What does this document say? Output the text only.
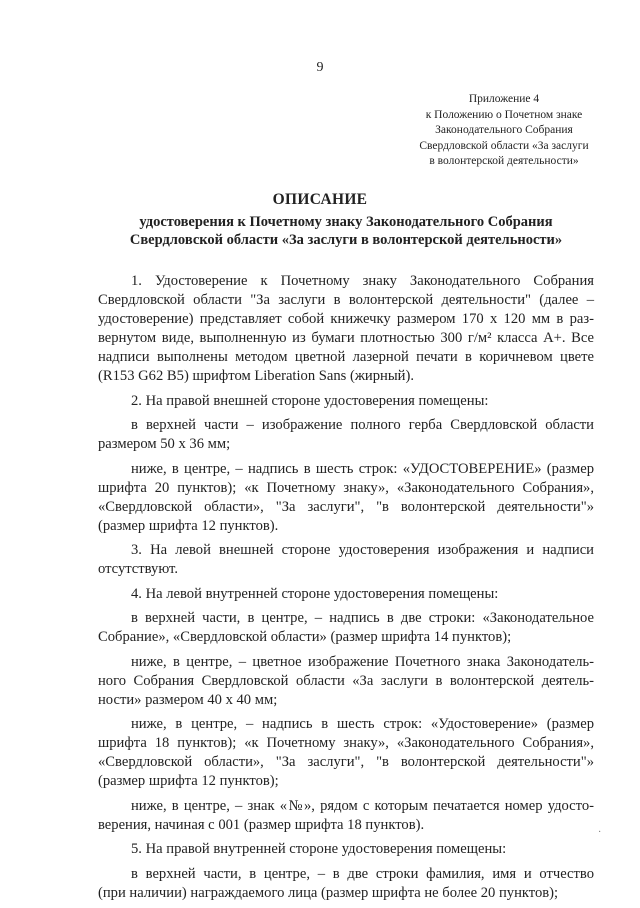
9
Приложение 4
к Положению о Почетном знаке
Законодательного Собрания
Свердловской области «За заслуги
в волонтерской деятельности»
ОПИСАНИЕ
удостоверения к Почетному знаку Законодательного Собрания
Свердловской области «За заслуги в волонтерской деятельности»
1. Удостоверение к Почетному знаку Законодательного Собрания
Свердловской области "За заслуги в волонтерской деятельности" (далее –
удостоверение) представляет собой книжечку размером 170 х 120 мм в раз-
вернутом виде, выполненную из бумаги плотностью 300 г/м² класса А+. Все
надписи выполнены методом цветной лазерной печати в коричневом цвете
(R153 G62 B5) шрифтом Liberation Sans (жирный).
2. На правой внешней стороне удостоверения помещены:
в верхней части – изображение полного герба Свердловской области
размером 50 х 36 мм;
ниже, в центре, – надпись в шесть строк: «УДОСТОВЕРЕНИЕ» (размер
шрифта 20 пунктов); «к Почетному знаку», «Законодательного Собрания»,
«Свердловской области», "За заслуги", "в волонтерской деятельности"»
(размер шрифта 12 пунктов).
3. На левой внешней стороне удостоверения изображения и надписи
отсутствуют.
4. На левой внутренней стороне удостоверения помещены:
в верхней части, в центре, – надпись в две строки: «Законодательное
Собрание», «Свердловской области» (размер шрифта 14 пунктов);
ниже, в центре, – цветное изображение Почетного знака Законодатель-
ного Собрания Свердловской области «За заслуги в волонтерской деятель-
ности» размером 40 х 40 мм;
ниже, в центре, – надпись в шесть строк: «Удостоверение» (размер
шрифта 18 пунктов); «к Почетному знаку», «Законодательного Собрания»,
«Свердловской области», "За заслуги", "в волонтерской деятельности"»
(размер шрифта 12 пунктов);
ниже, в центре, – знак «№», рядом с которым печатается номер удосто-
верения, начиная с 001 (размер шрифта 18 пунктов).
5. На правой внутренней стороне удостоверения помещены:
в верхней части, в центре, – в две строки фамилия, имя и отчество
(при наличии) награждаемого лица (размер шрифта не более 20 пунктов);
·
